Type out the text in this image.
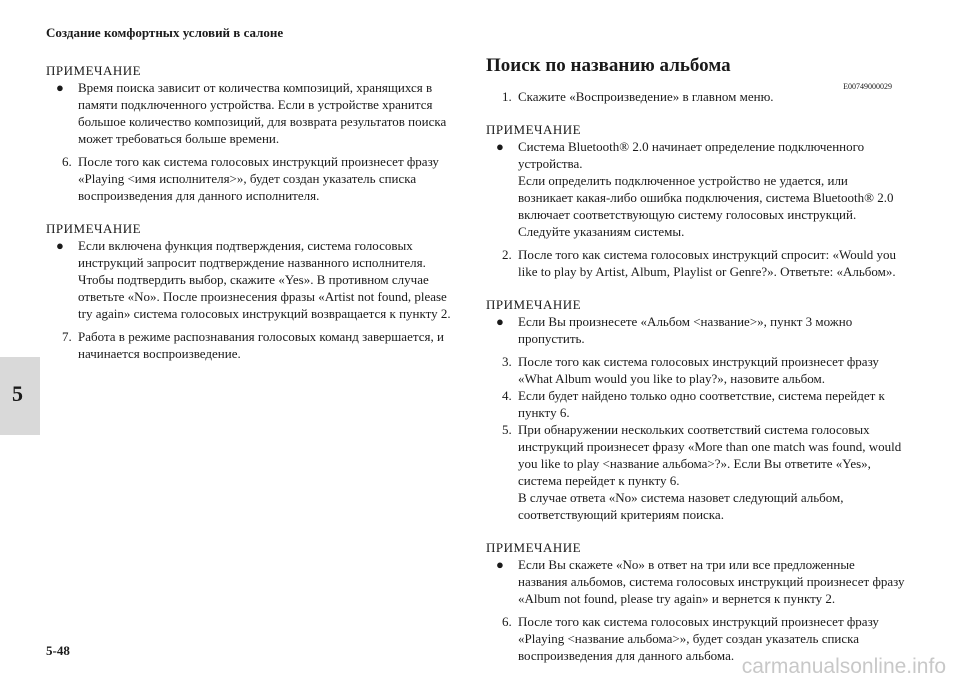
Создание комфортных условий в салоне
5
ПРИМЕЧАНИЕ
● Время поиска зависит от количества композиций, хранящихся в памяти подключенного устройства. Если в устройстве хранится большое количество композиций, для возврата результатов поиска может требоваться больше времени.
6. После того как система голосовых инструкций произнесет фразу «Playing <имя исполнителя>», будет создан указатель списка воспроизведения для данного исполнителя.
ПРИМЕЧАНИЕ
● Если включена функция подтверждения, система голосовых инструкций запросит подтверждение названного исполнителя. Чтобы подтвердить выбор, скажите «Yes». В противном случае ответьте «No». После произнесения фразы «Artist not found, please try again» система голосовых инструкций возвращается к пункту 2.
7. Работа в режиме распознавания голосовых команд завершается, и начинается воспроизведение.
Поиск по названию альбома
E00749000029
1. Скажите «Воспроизведение» в главном меню.
ПРИМЕЧАНИЕ
● Система Bluetooth® 2.0 начинает определение подключенного устройства.
Если определить подключенное устройство не удается, или возникает какая-либо ошибка подключения, система Bluetooth® 2.0 включает соответствующую систему голосовых инструкций. Следуйте указаниям системы.
2. После того как система голосовых инструкций спросит: «Would you like to play by Artist, Album, Playlist or Genre?». Ответьте: «Альбом».
ПРИМЕЧАНИЕ
● Если Вы произнесете «Альбом <название>», пункт 3 можно пропустить.
3. После того как система голосовых инструкций произнесет фразу «What Album would you like to play?», назовите альбом.
4. Если будет найдено только одно соответствие, система перейдет к пункту 6.
5. При обнаружении нескольких соответствий система голосовых инструкций произнесет фразу «More than one match was found, would you like to play <название альбома>?». Если Вы ответите «Yes», система перейдет к пункту 6.
В случае ответа «No» система назовет следующий альбом, соответствующий критериям поиска.
ПРИМЕЧАНИЕ
● Если Вы скажете «No» в ответ на три или все предложенные названия альбомов, система голосовых инструкций произнесет фразу «Album not found, please try again» и вернется к пункту 2.
6. После того как система голосовых инструкций произнесет фразу «Playing <название альбома>», будет создан указатель списка воспроизведения для данного альбома.
5-48
carmanualsonline.info
